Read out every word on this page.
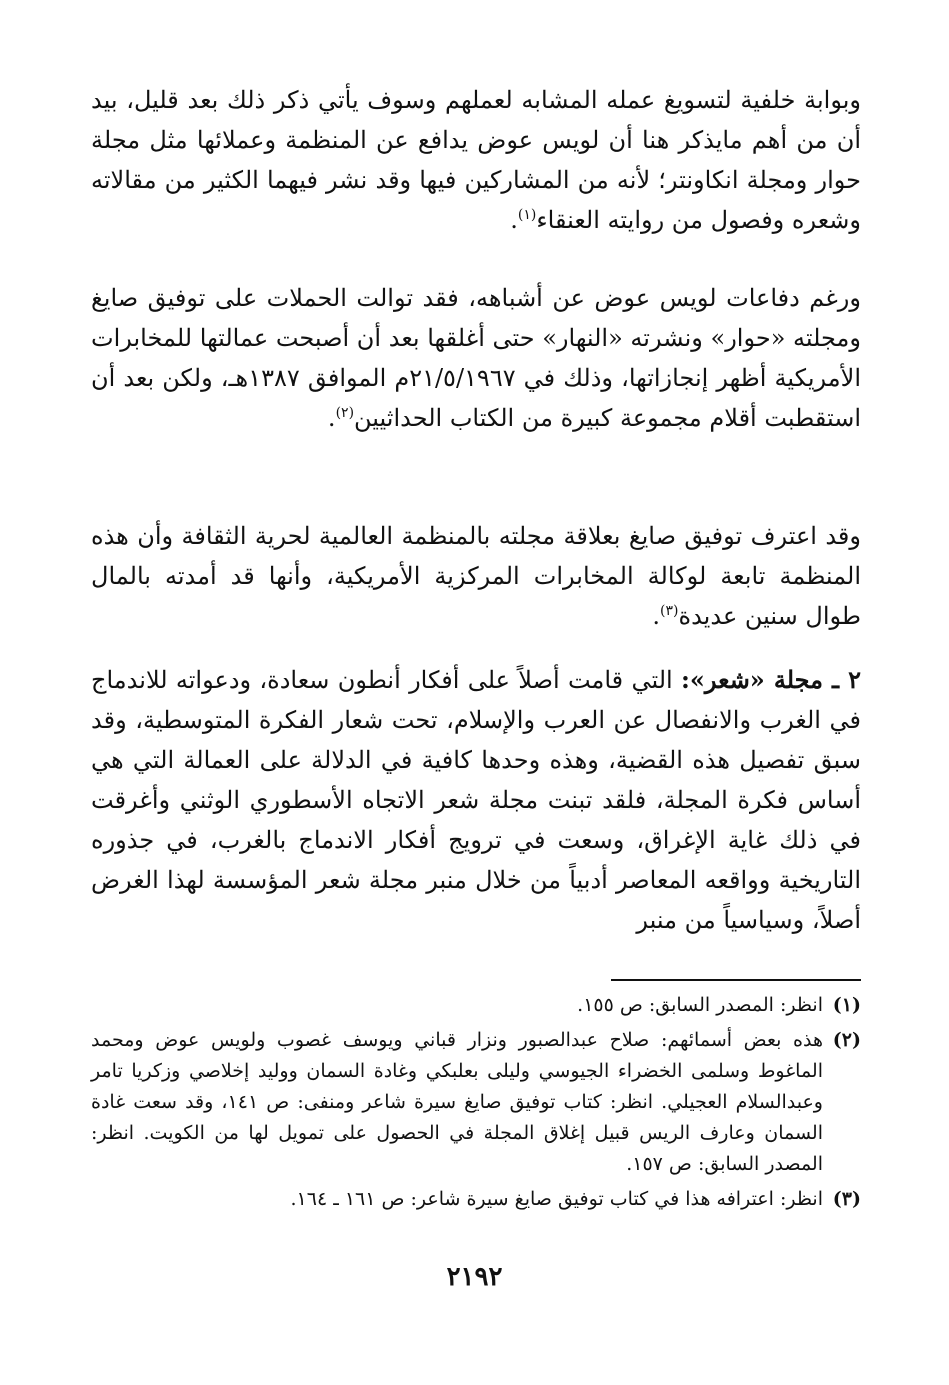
وبوابة خلفية لتسويغ عمله المشابه لعملهم وسوف يأتي ذكر ذلك بعد قليل، بيد أن من أهم مايذكر هنا أن لويس عوض يدافع عن المنظمة وعملائها مثل مجلة حوار ومجلة انكاونتر؛ لأنه من المشاركين فيها وقد نشر فيهما الكثير من مقالاته وشعره وفصول من روايته العنقاء$^{(١)}$.

ورغم دفاعات لويس عوض عن أشباهه، فقد توالت الحملات على توفيق صايغ ومجلته «حوار» ونشرته «النهار» حتى أغلقها بعد أن أصبحت عمالتها للمخابرات الأمريكية أظهر إنجازاتها، وذلك في ٢١/٥/١٩٦٧م الموافق ١٣٨٧هـ، ولكن بعد أن استقطبت أقلام مجموعة كبيرة من الكتاب الحداثيين$^{(٢)}$.

وقد اعترف توفيق صايغ بعلاقة مجلته بالمنظمة العالمية لحرية الثقافة وأن هذه المنظمة تابعة لوكالة المخابرات المركزية الأمريكية، وأنها قد أمدته بالمال طوال سنين عديدة$^{(٣)}$.

٢ ـ مجلة «شعر»: التي قامت أصلاً على أفكار أنطون سعادة، ودعواته للاندماج في الغرب والانفصال عن العرب والإسلام، تحت شعار الفكرة المتوسطية، وقد سبق تفصيل هذه القضية، وهذه وحدها كافية في الدلالة على العمالة التي هي أساس فكرة المجلة، فلقد تبنت مجلة شعر الاتجاه الأسطوري الوثني وأغرقت في ذلك غاية الإغراق، وسعت في ترويج أفكار الاندماج بالغرب، في جذوره التاريخية وواقعه المعاصر أدبياً من خلال منبر مجلة شعر المؤسسة لهذا الغرض أصلاً، وسياسياً من منبر

(١)
انظر: المصدر السابق: ص ١٥٥.
(٢)
هذه بعض أسمائهم: صلاح عبدالصبور ونزار قباني ويوسف غصوب ولويس عوض ومحمد الماغوط وسلمى الخضراء الجيوسي وليلى بعلبكي وغادة السمان ووليد إخلاصي وزكريا تامر وعبدالسلام العجيلي. انظر: كتاب توفيق صايغ سيرة شاعر ومنفى: ص ١٤١، وقد سعت غادة السمان وعارف الريس قبيل إغلاق المجلة في الحصول على تمويل لها من الكويت. انظر: المصدر السابق: ص ١٥٧.
(٣)
انظر: اعترافه هذا في كتاب توفيق صايغ سيرة شاعر: ص ١٦١ ـ ١٦٤.
٢١٩٢
